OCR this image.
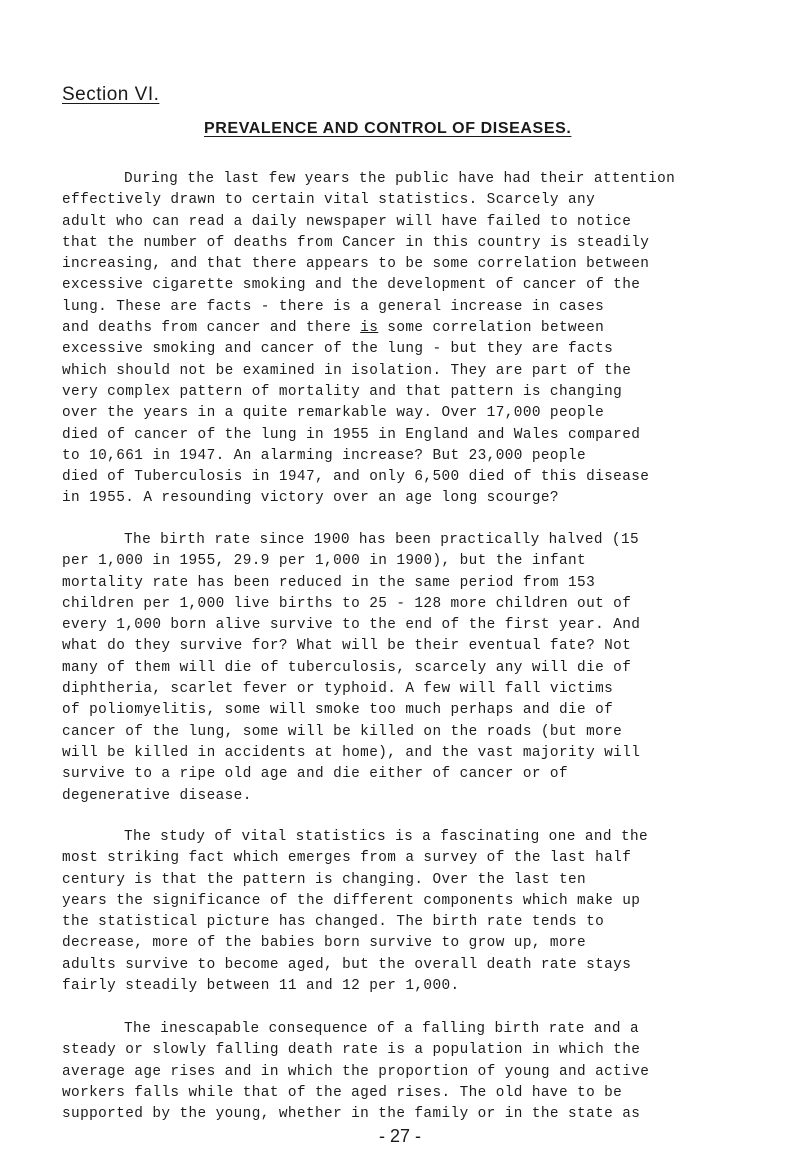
Section VI.
PREVALENCE AND CONTROL OF DISEASES.
During the last few years the public have had their attention
effectively drawn to certain vital statistics. Scarcely any
adult who can read a daily newspaper will have failed to notice
that the number of deaths from Cancer in this country is steadily
increasing, and that there appears to be some correlation between
excessive cigarette smoking and the development of cancer of the
lung. These are facts - there is a general increase in cases
and deaths from cancer and there is some correlation between
excessive smoking and cancer of the lung - but they are facts
which should not be examined in isolation. They are part of the
very complex pattern of mortality and that pattern is changing
over the years in a quite remarkable way. Over 17,000 people
died of cancer of the lung in 1955 in England and Wales compared
to 10,661 in 1947. An alarming increase? But 23,000 people
died of Tuberculosis in 1947, and only 6,500 died of this disease
in 1955. A resounding victory over an age long scourge?
The birth rate since 1900 has been practically halved (15
per 1,000 in 1955, 29.9 per 1,000 in 1900), but the infant
mortality rate has been reduced in the same period from 153
children per 1,000 live births to 25 - 128 more children out of
every 1,000 born alive survive to the end of the first year. And
what do they survive for? What will be their eventual fate? Not
many of them will die of tuberculosis, scarcely any will die of
diphtheria, scarlet fever or typhoid. A few will fall victims
of poliomyelitis, some will smoke too much perhaps and die of
cancer of the lung, some will be killed on the roads (but more
will be killed in accidents at home), and the vast majority will
survive to a ripe old age and die either of cancer or of
degenerative disease.
The study of vital statistics is a fascinating one and the
most striking fact which emerges from a survey of the last half
century is that the pattern is changing. Over the last ten
years the significance of the different components which make up
the statistical picture has changed. The birth rate tends to
decrease, more of the babies born survive to grow up, more
adults survive to become aged, but the overall death rate stays
fairly steadily between 11 and 12 per 1,000.
The inescapable consequence of a falling birth rate and a
steady or slowly falling death rate is a population in which the
average age rises and in which the proportion of young and active
workers falls while that of the aged rises. The old have to be
supported by the young, whether in the family or in the state as
- 27 -
